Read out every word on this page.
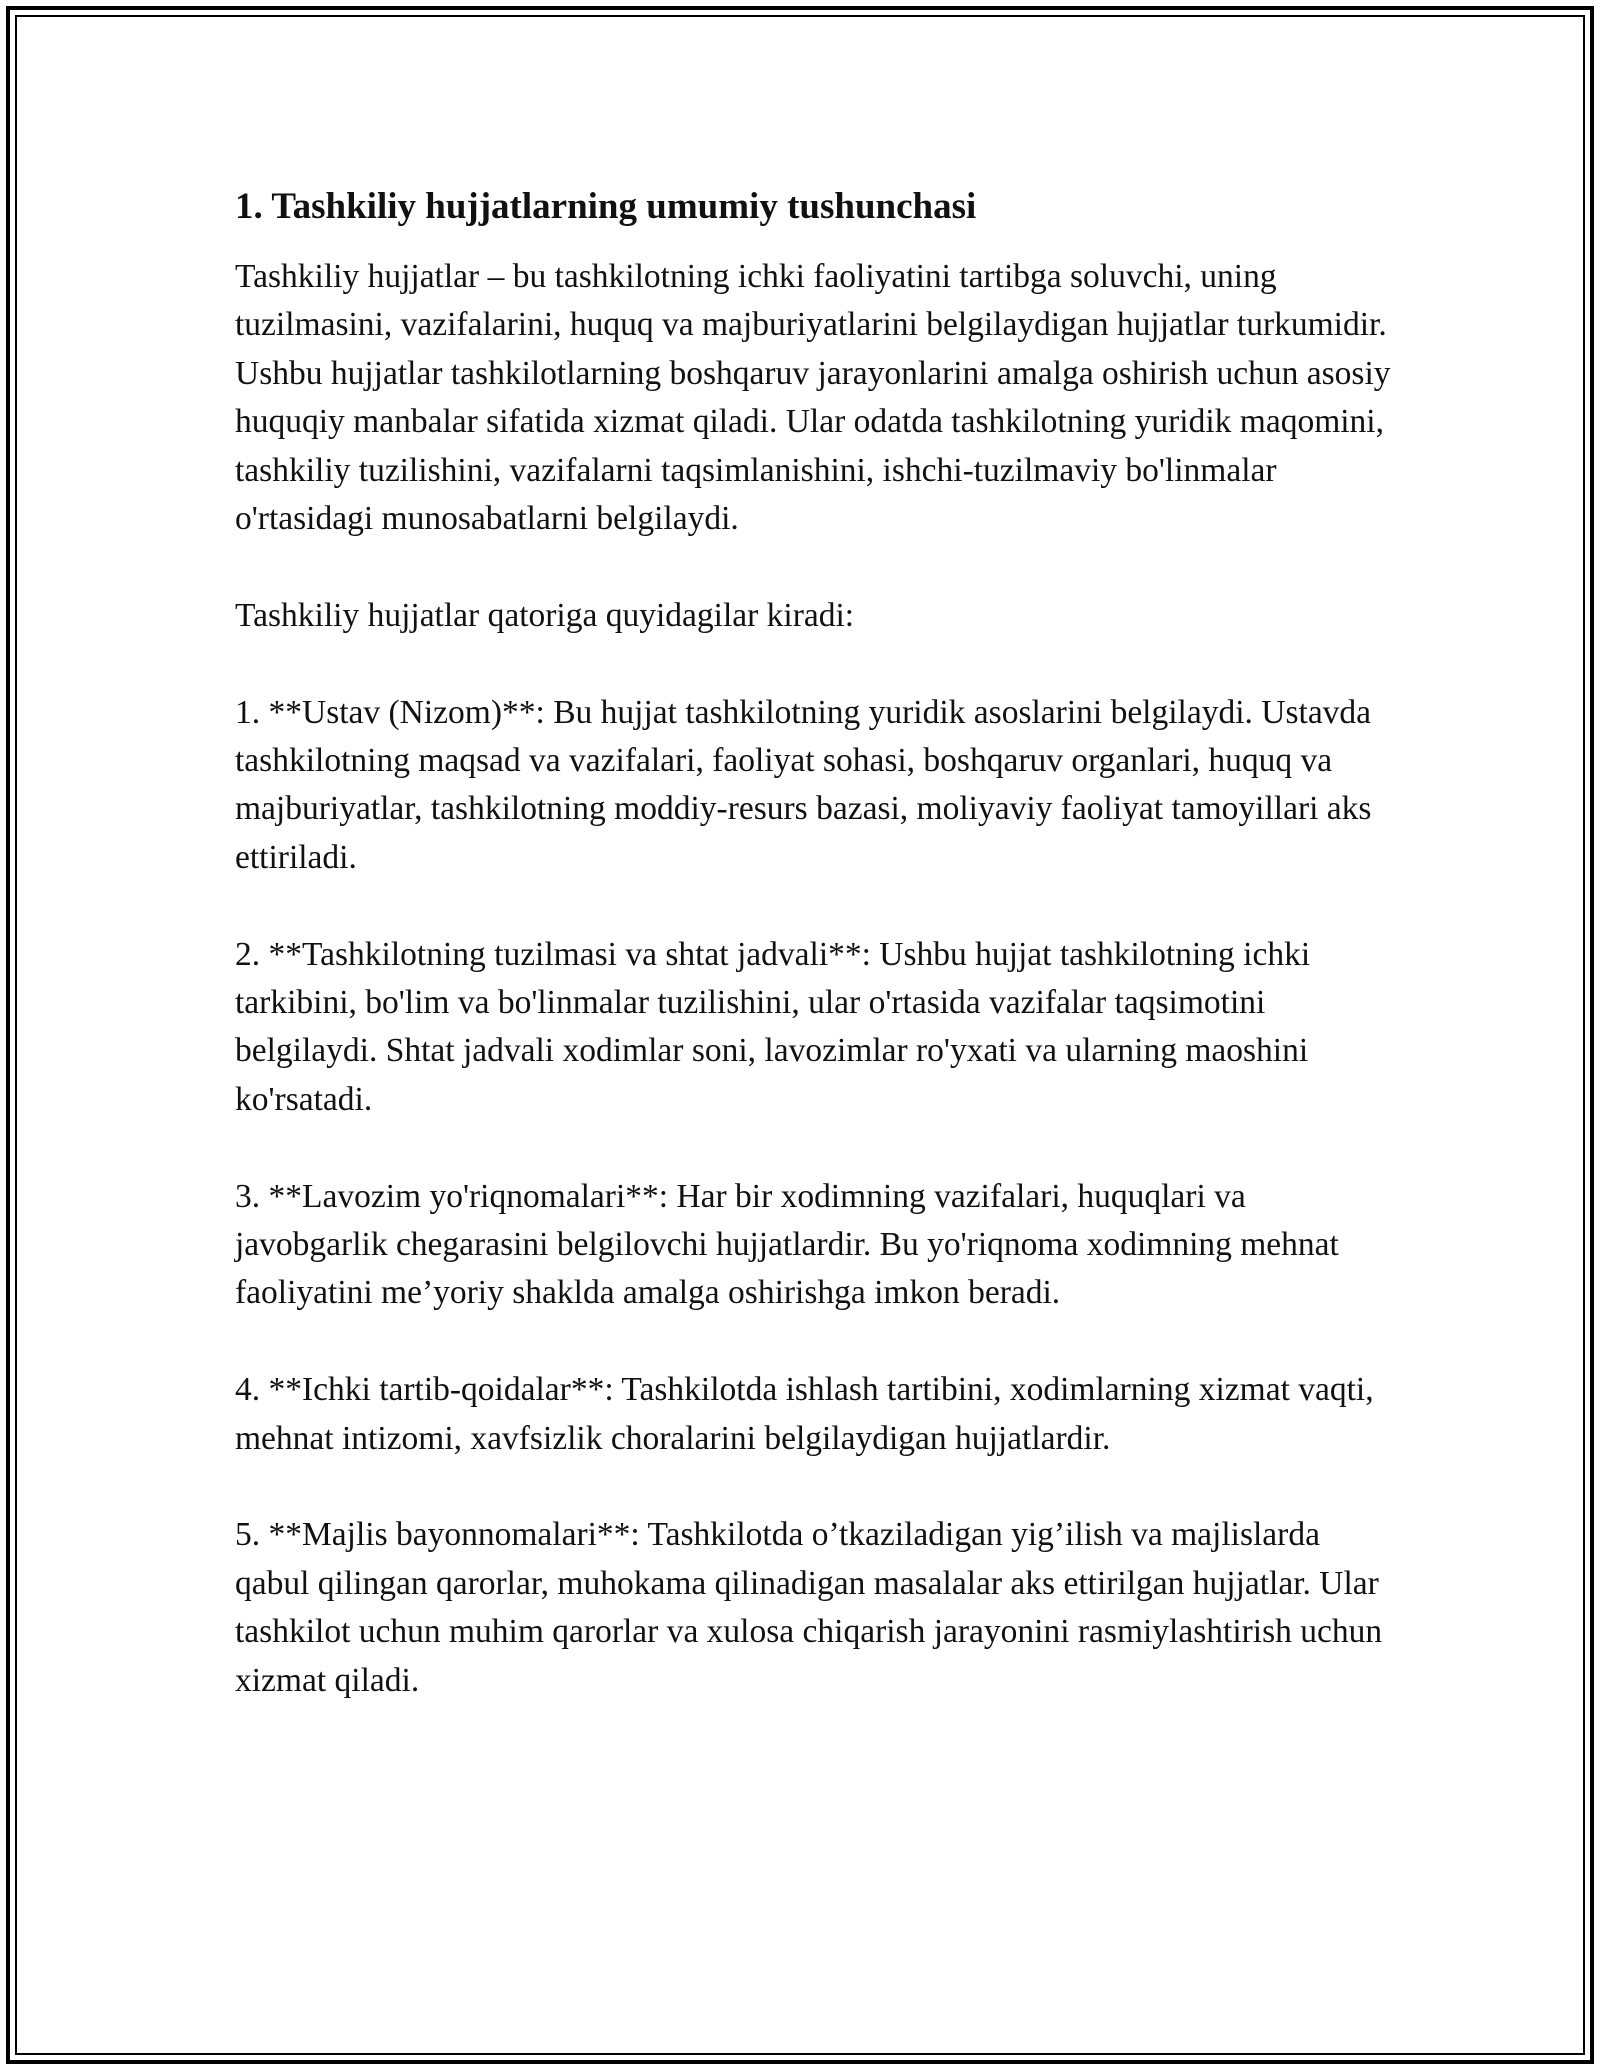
1. Tashkiliy hujjatlarning umumiy tushunchasi

Tashkiliy hujjatlar – bu tashkilotning ichki faoliyatini tartibga soluvchi, uning tuzilmasini, vazifalarini, huquq va majburiyatlarini belgilaydigan hujjatlar turkumidir. Ushbu hujjatlar tashkilotlarning boshqaruv jarayonlarini amalga oshirish uchun asosiy huquqiy manbalar sifatida xizmat qiladi. Ular odatda tashkilotning yuridik maqomini, tashkiliy tuzilishini, vazifalarni taqsimlanishini, ishchi-tuzilmaviy bo'linmalar o'rtasidagi munosabatlarni belgilaydi.

Tashkiliy hujjatlar qatoriga quyidagilar kiradi:

1. **Ustav (Nizom)**: Bu hujjat tashkilotning yuridik asoslarini belgilaydi. Ustavda tashkilotning maqsad va vazifalari, faoliyat sohasi, boshqaruv organlari, huquq va majburiyatlar, tashkilotning moddiy-resurs bazasi, moliyaviy faoliyat tamoyillari aks ettiriladi.

2. **Tashkilotning tuzilmasi va shtat jadvali**: Ushbu hujjat tashkilotning ichki tarkibini, bo'lim va bo'linmalar tuzilishini, ular o'rtasida vazifalar taqsimotini belgilaydi. Shtat jadvali xodimlar soni, lavozimlar ro'yxati va ularning maoshini ko'rsatadi.

3. **Lavozim yo'riqnomalari**: Har bir xodimning vazifalari, huquqlari va javobgarlik chegarasini belgilovchi hujjatlardir. Bu yo'riqnoma xodimning mehnat faoliyatini me’yoriy shaklda amalga oshirishga imkon beradi.

4. **Ichki tartib-qoidalar**: Tashkilotda ishlash tartibini, xodimlarning xizmat vaqti, mehnat intizomi, xavfsizlik choralarini belgilaydigan hujjatlardir.

5. **Majlis bayonnomalari**: Tashkilotda o’tkaziladigan yig’ilish va majlislarda qabul qilingan qarorlar, muhokama qilinadigan masalalar aks ettirilgan hujjatlar. Ular tashkilot uchun muhim qarorlar va xulosa chiqarish jarayonini rasmiylashtirish uchun xizmat qiladi.
